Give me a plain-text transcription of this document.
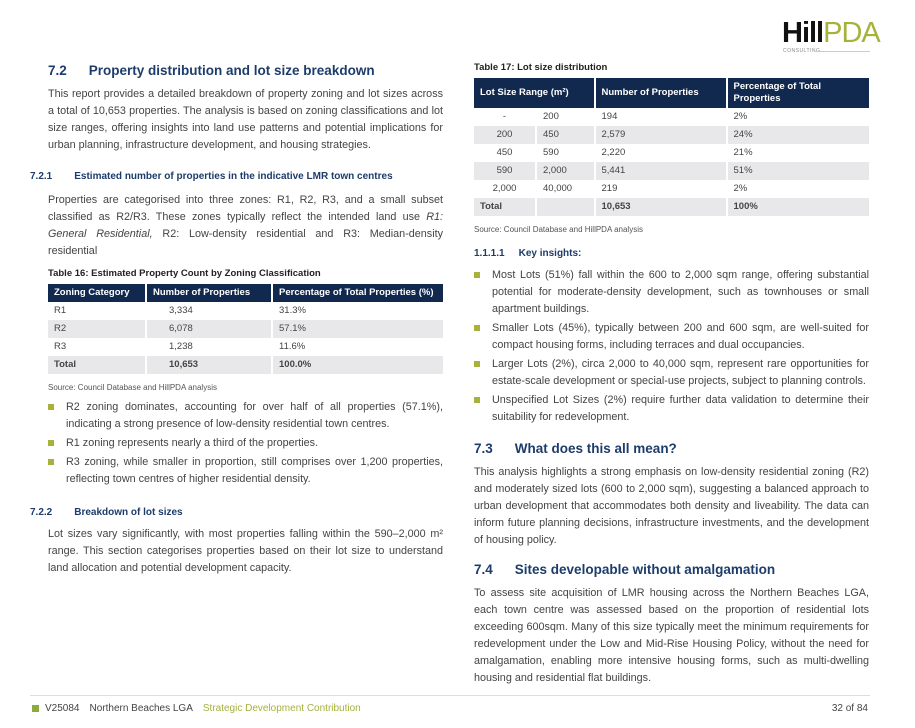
HillPDA
CONSULTING
7.2 Property distribution and lot size breakdown

This report provides a detailed breakdown of property zoning and lot sizes across a total of 10,653 properties. The analysis is based on zoning classifications and lot size ranges, offering insights into land use patterns and potential implications for urban planning, infrastructure development, and housing strategies.

7.2.1 Estimated number of properties in the indicative LMR town centres

Properties are categorised into three zones: R1, R2, R3, and a small subset classified as R2/R3. These zones typically reflect the intended land use R1: General Residential, R2: Low-density residential and R3: Median-density residential

Table 16: Estimated Property Count by Zoning Classification
Zoning Category	Number of Properties	Percentage of Total Properties (%)
R1	3,334	31.3%
R2	6,078	57.1%
R3	1,238	11.6%
Total	10,653	100.0%
Source: Council Database and HillPDA analysis
R2 zoning dominates, accounting for over half of all properties (57.1%), indicating a strong presence of low-density residential town centres.
R1 zoning represents nearly a third of the properties.
R3 zoning, while smaller in proportion, still comprises over 1,200 properties, reflecting town centres of higher residential density.
7.2.2 Breakdown of lot sizes

Lot sizes vary significantly, with most properties falling within the 590–2,000 m² range. This section categorises properties based on their lot size to understand land allocation and potential development capacity.

Table 17: Lot size distribution
Lot Size Range (m²)		Number of Properties	Percentage of Total Properties
-	200	194	2%
200	450	2,579	24%
450	590	2,220	21%
590	2,000	5,441	51%
2,000	40,000	219	2%
Total		10,653	100%
Source: Council Database and HillPDA analysis
1.1.1.1 Key insights:
Most Lots (51%) fall within the 600 to 2,000 sqm range, offering substantial potential for moderate-density development, such as townhouses or small apartment buildings.
Smaller Lots (45%), typically between 200 and 600 sqm, are well-suited for compact housing forms, including terraces and dual occupancies.
Larger Lots (2%), circa 2,000 to 40,000 sqm, represent rare opportunities for estate-scale development or special-use projects, subject to planning controls.
Unspecified Lot Sizes (2%) require further data validation to determine their suitability for redevelopment.
7.3 What does this all mean?

This analysis highlights a strong emphasis on low-density residential zoning (R2) and moderately sized lots (600 to 2,000 sqm), suggesting a balanced approach to urban development that accommodates both density and liveability. The data can inform future planning decisions, infrastructure investments, and the development of housing policy.

7.4 Sites developable without amalgamation

To assess site acquisition of LMR housing across the Northern Beaches LGA, each town centre was assessed based on the proportion of residential lots exceeding 600sqm. Many of this size typically meet the minimum requirements for redevelopment under the Low and Mid-Rise Housing Policy, without the need for amalgamation, enabling more intensive housing forms, such as multi-dwelling housing and residential flat buildings.

V25084 Northern Beaches LGA Strategic Development Contribution	32 of 84
